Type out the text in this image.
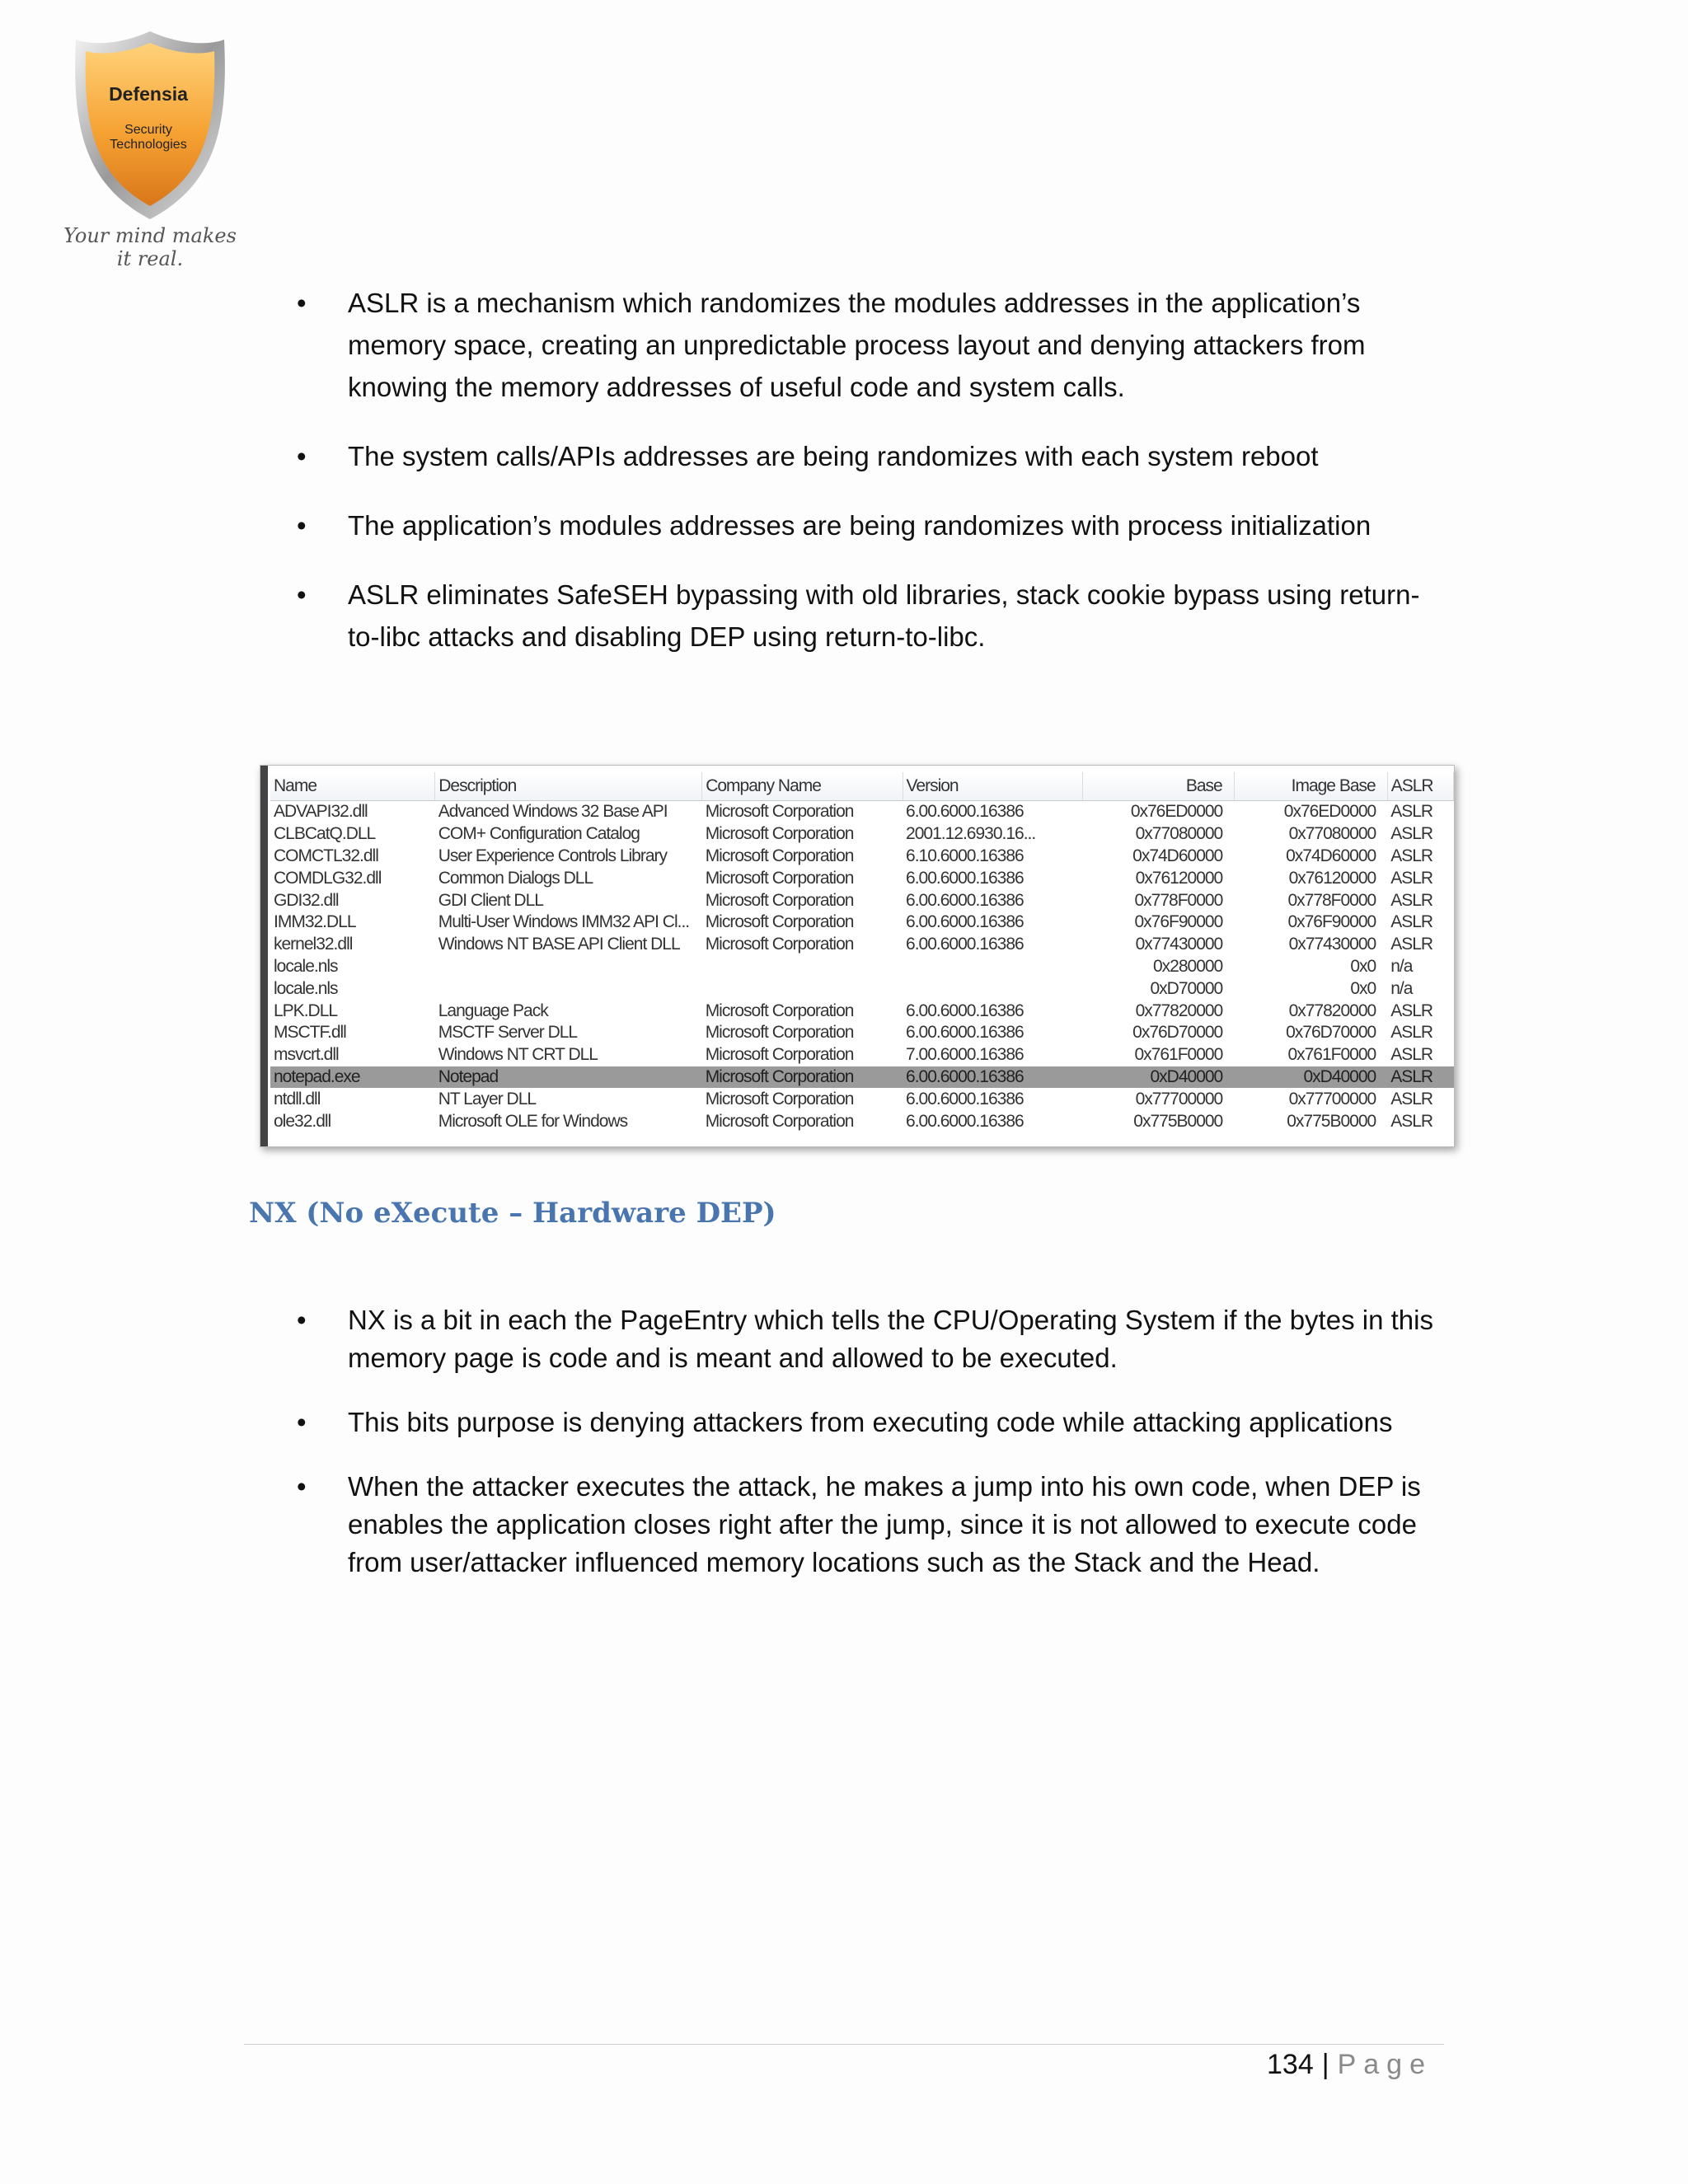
Defensia
Security
Technologies
Your mind makes it real.
• ASLR is a mechanism which randomizes the modules addresses in the application’s memory space, creating an unpredictable process layout and denying attackers from knowing the memory addresses of useful code and system calls.
• The system calls/APIs addresses are being randomizes with each system reboot
• The application’s modules addresses are being randomizes with process initialization
• ASLR eliminates SafeSEH bypassing with old libraries, stack cookie bypass using return-to-libc attacks and disabling DEP using return-to-libc.
Name	Description	Company Name	Version	Base	Image Base	ASLR
ADVAPI32.dll	Advanced Windows 32 Base API	Microsoft Corporation	6.00.6000.16386	0x76ED0000	0x76ED0000	ASLR
CLBCatQ.DLL	COM+ Configuration Catalog	Microsoft Corporation	2001.12.6930.16...	0x77080000	0x77080000	ASLR
COMCTL32.dll	User Experience Controls Library	Microsoft Corporation	6.10.6000.16386	0x74D60000	0x74D60000	ASLR
COMDLG32.dll	Common Dialogs DLL	Microsoft Corporation	6.00.6000.16386	0x76120000	0x76120000	ASLR
GDI32.dll	GDI Client DLL	Microsoft Corporation	6.00.6000.16386	0x778F0000	0x778F0000	ASLR
IMM32.DLL	Multi-User Windows IMM32 API Cl...	Microsoft Corporation	6.00.6000.16386	0x76F90000	0x76F90000	ASLR
kernel32.dll	Windows NT BASE API Client DLL	Microsoft Corporation	6.00.6000.16386	0x77430000	0x77430000	ASLR
locale.nls				0x280000	0x0	n/a
locale.nls				0xD70000	0x0	n/a
LPK.DLL	Language Pack	Microsoft Corporation	6.00.6000.16386	0x77820000	0x77820000	ASLR
MSCTF.dll	MSCTF Server DLL	Microsoft Corporation	6.00.6000.16386	0x76D70000	0x76D70000	ASLR
msvcrt.dll	Windows NT CRT DLL	Microsoft Corporation	7.00.6000.16386	0x761F0000	0x761F0000	ASLR
notepad.exe	Notepad	Microsoft Corporation	6.00.6000.16386	0xD40000	0xD40000	ASLR
ntdll.dll	NT Layer DLL	Microsoft Corporation	6.00.6000.16386	0x77700000	0x77700000	ASLR
ole32.dll	Microsoft OLE for Windows	Microsoft Corporation	6.00.6000.16386	0x775B0000	0x775B0000	ASLR
NX (No eXecute – Hardware DEP)
• NX is a bit in each the PageEntry which tells the CPU/Operating System if the bytes in this memory page is code and is meant and allowed to be executed.
• This bits purpose is denying attackers from executing code while attacking applications
• When the attacker executes the attack, he makes a jump into his own code, when DEP is enables the application closes right after the jump, since it is not allowed to execute code from user/attacker influenced memory locations such as the Stack and the Head.
134 | Page
